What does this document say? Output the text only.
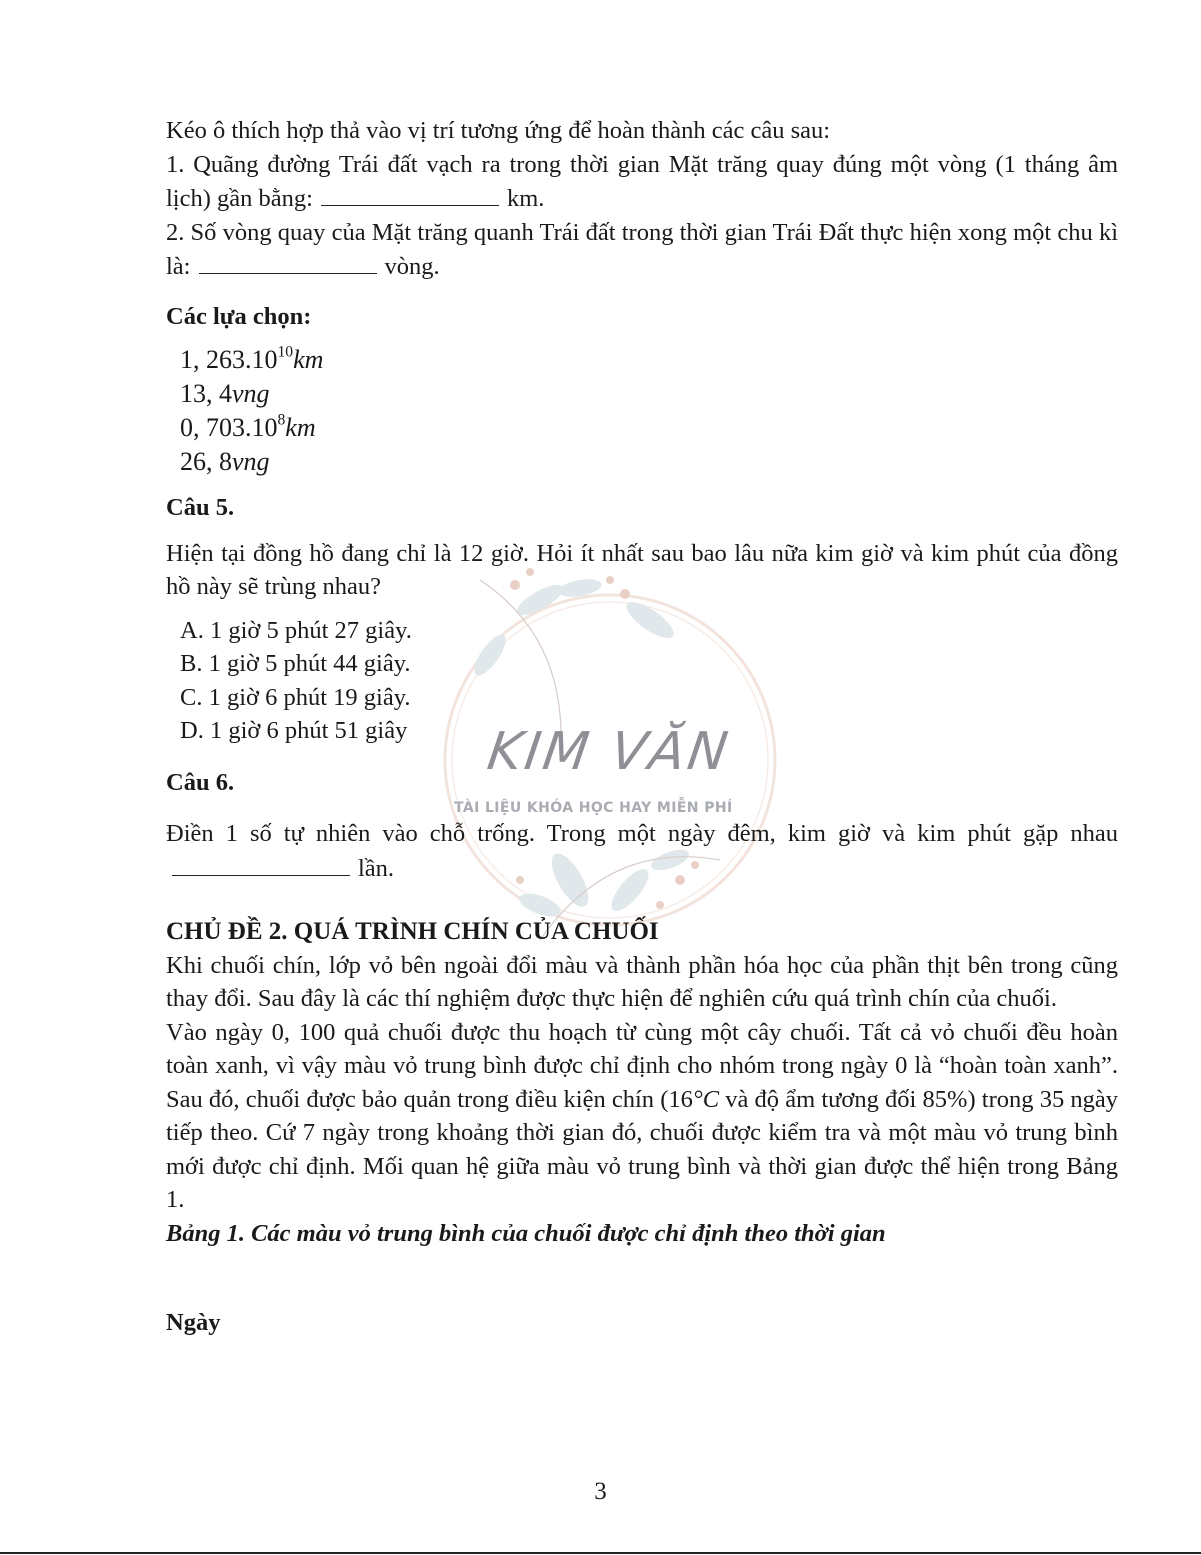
KIM VĂN
TÀI LIỆU KHÓA HỌC HAY MIỄN PHÍ

Kéo ô thích hợp thả vào vị trí tương ứng để hoàn thành các câu sau:

1. Quãng đường Trái đất vạch ra trong thời gian Mặt trăng quay đúng một vòng (1 tháng âm lịch) gần bằng:	km.

2. Số vòng quay của Mặt trăng quanh Trái đất trong thời gian Trái Đất thực hiện xong một chu kì là:	vòng.

Các lựa chọn:
1, 263.10$^{10}$km
13, 4vng
0, 703.10$^8$km
26, 8vng
Câu 5.

Hiện tại đồng hồ đang chỉ là 12 giờ. Hỏi ít nhất sau bao lâu nữa kim giờ và kim phút của đồng hồ này sẽ trùng nhau?

A. 1 giờ 5 phút 27 giây.
B. 1 giờ 5 phút 44 giây.
C. 1 giờ 6 phút 19 giây.
D. 1 giờ 6 phút 51 giây
Câu 6.

Điền 1 số tự nhiên vào chỗ trống. Trong một ngày đêm, kim giờ và kim phút gặp nhaulần.

CHỦ ĐỀ 2. QUÁ TRÌNH CHÍN CỦA CHUỐI

Khi chuối chín, lớp vỏ bên ngoài đổi màu và thành phần hóa học của phần thịt bên trong cũng thay đổi. Sau đây là các thí nghiệm được thực hiện để nghiên cứu quá trình chín của chuối.

Vào ngày 0, 100 quả chuối được thu hoạch từ cùng một cây chuối. Tất cả vỏ chuối đều hoàn toàn xanh, vì vậy màu vỏ trung bình được chỉ định cho nhóm trong ngày 0 là “hoàn toàn xanh”. Sau đó, chuối được bảo quản trong điều kiện chín (16°C và độ ẩm tương đối 85%) trong 35 ngày tiếp theo. Cứ 7 ngày trong khoảng thời gian đó, chuối được kiểm tra và một màu vỏ trung bình mới được chỉ định. Mối quan hệ giữa màu vỏ trung bình và thời gian được thể hiện trong Bảng 1.

Bảng 1. Các màu vỏ trung bình của chuối được chỉ định theo thời gian

Ngày
3
